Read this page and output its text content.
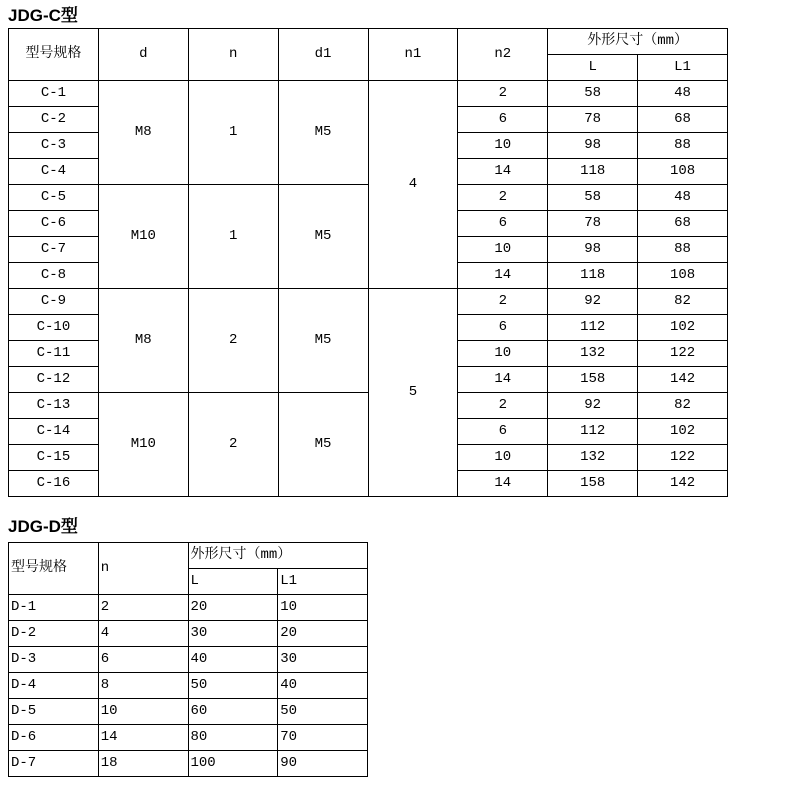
JDG-C型
型号规格	d	n	d1	n1	n2	外形尺寸（mm）	
						L	L1
C-1	M8	1	M5	4	2	58	48
C-2					6	78	68
C-3					10	98	88
C-4					14	118	108
C-5	M10	1	M5		2	58	48
C-6					6	78	68
C-7					10	98	88
C-8					14	118	108
C-9	M8	2	M5	5	2	92	82
C-10					6	112	102
C-11					10	132	122
C-12					14	158	142
C-13	M10	2	M5		2	92	82
C-14					6	112	102
C-15					10	132	122
C-16					14	158	142
JDG-D型
型号规格	n	外形尺寸（mm）	
		L	L1
D-1	2	20	10
D-2	4	30	20
D-3	6	40	30
D-4	8	50	40
D-5	10	60	50
D-6	14	80	70
D-7	18	100	90
